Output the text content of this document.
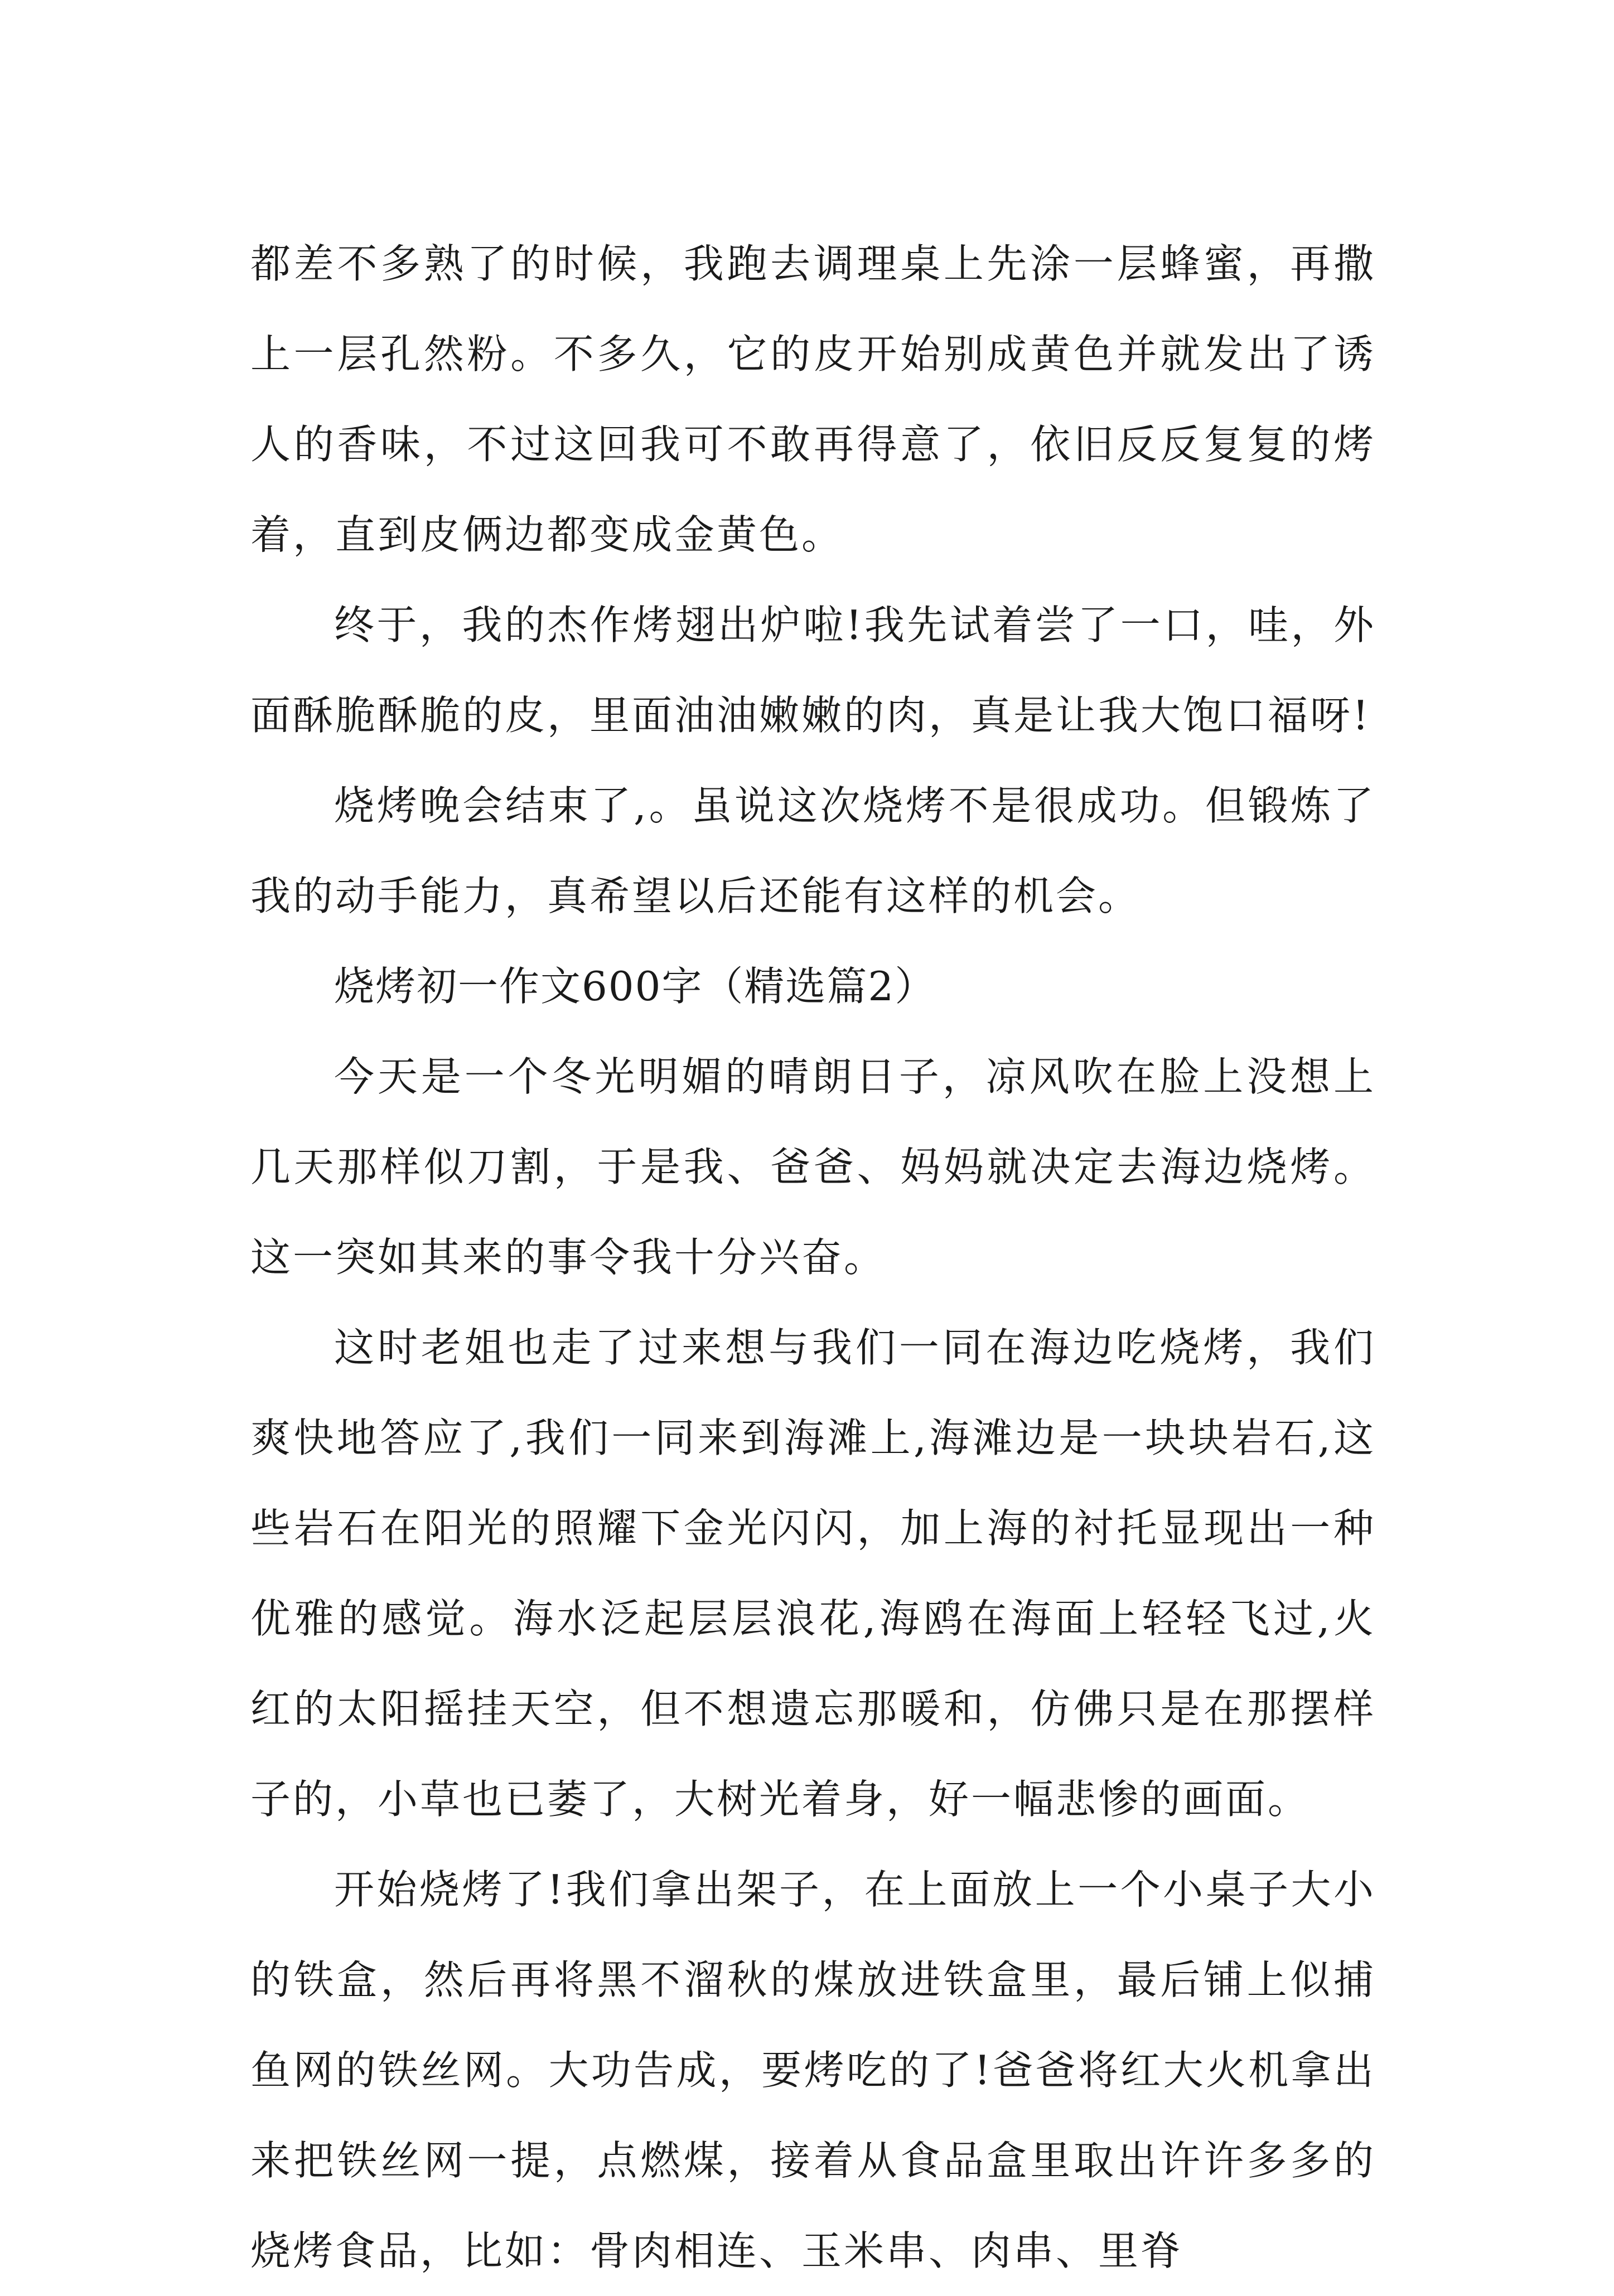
都差不多熟了的时候，我跑去调理桌上先涂一层蜂蜜，再撒上一层孔然粉。不多久，它的皮开始别成黄色并就发出了诱人的香味，不过这回我可不敢再得意了，依旧反反复复的烤着，直到皮俩边都变成金黄色。

终于，我的杰作烤翅出炉啦!我先试着尝了一口，哇，外面酥脆酥脆的皮，里面油油嫩嫩的肉，真是让我大饱口福呀!

烧烤晚会结束了,。虽说这次烧烤不是很成功。但锻炼了我的动手能力，真希望以后还能有这样的机会。

烧烤初一作文600字（精选篇2）

今天是一个冬光明媚的晴朗日子，凉风吹在脸上没想上几天那样似刀割，于是我、爸爸、妈妈就决定去海边烧烤。这一突如其来的事令我十分兴奋。

这时老姐也走了过来想与我们一同在海边吃烧烤，我们爽快地答应了,我们一同来到海滩上,海滩边是一块块岩石,这些岩石在阳光的照耀下金光闪闪，加上海的衬托显现出一种优雅的感觉。海水泛起层层浪花,海鸥在海面上轻轻飞过,火红的太阳摇挂天空，但不想遗忘那暖和，仿佛只是在那摆样子的，小草也已萎了，大树光着身，好一幅悲惨的画面。

开始烧烤了!我们拿出架子，在上面放上一个小桌子大小的铁盒，然后再将黑不溜秋的煤放进铁盒里，最后铺上似捕鱼网的铁丝网。大功告成，要烤吃的了!爸爸将红大火机拿出来把铁丝网一提，点燃煤，接着从食品盒里取出许许多多的烧烤食品，比如：骨肉相连、玉米串、肉串、里脊
